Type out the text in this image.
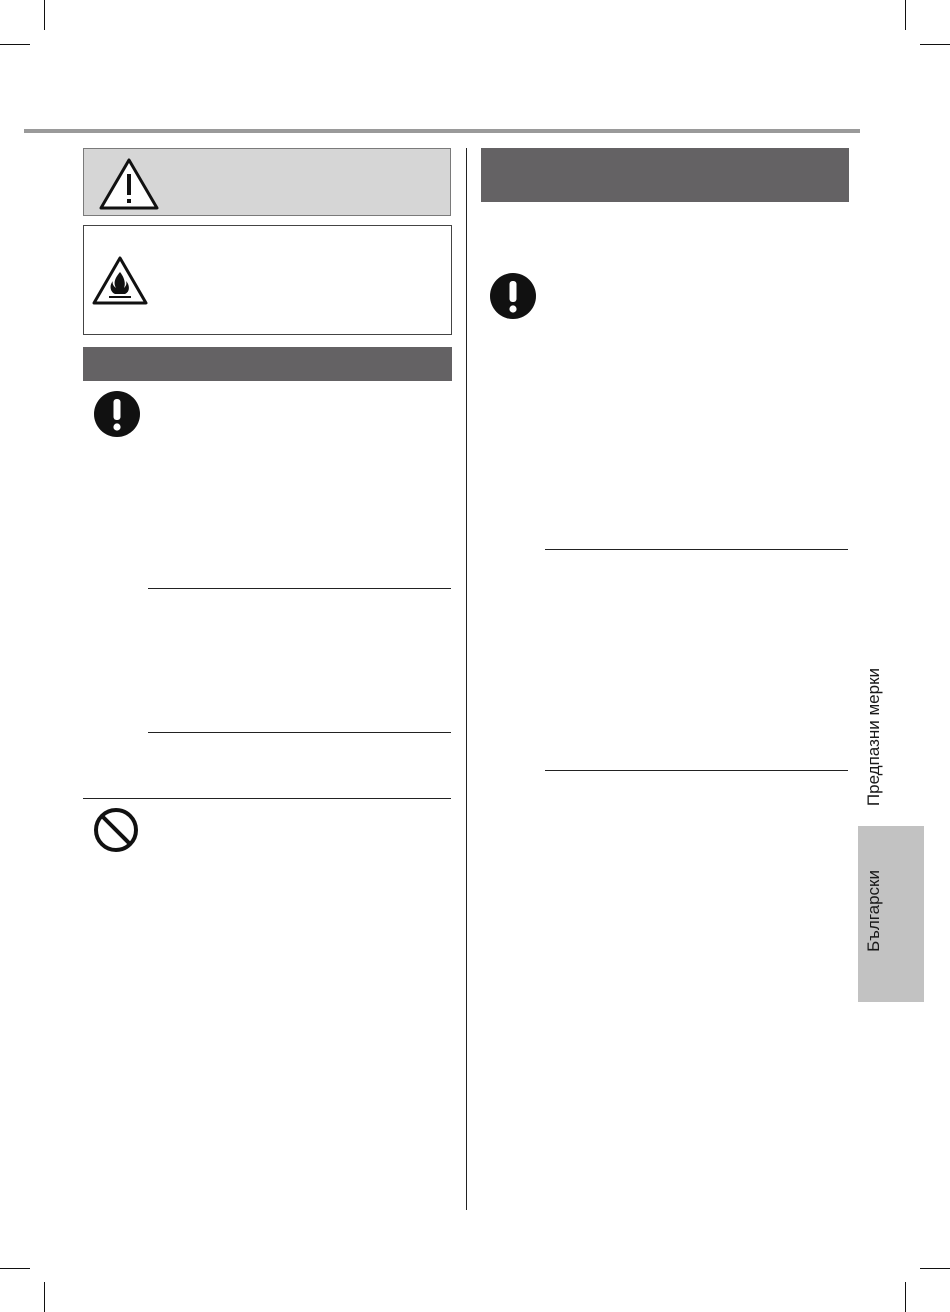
Български
Предпазни мерки
